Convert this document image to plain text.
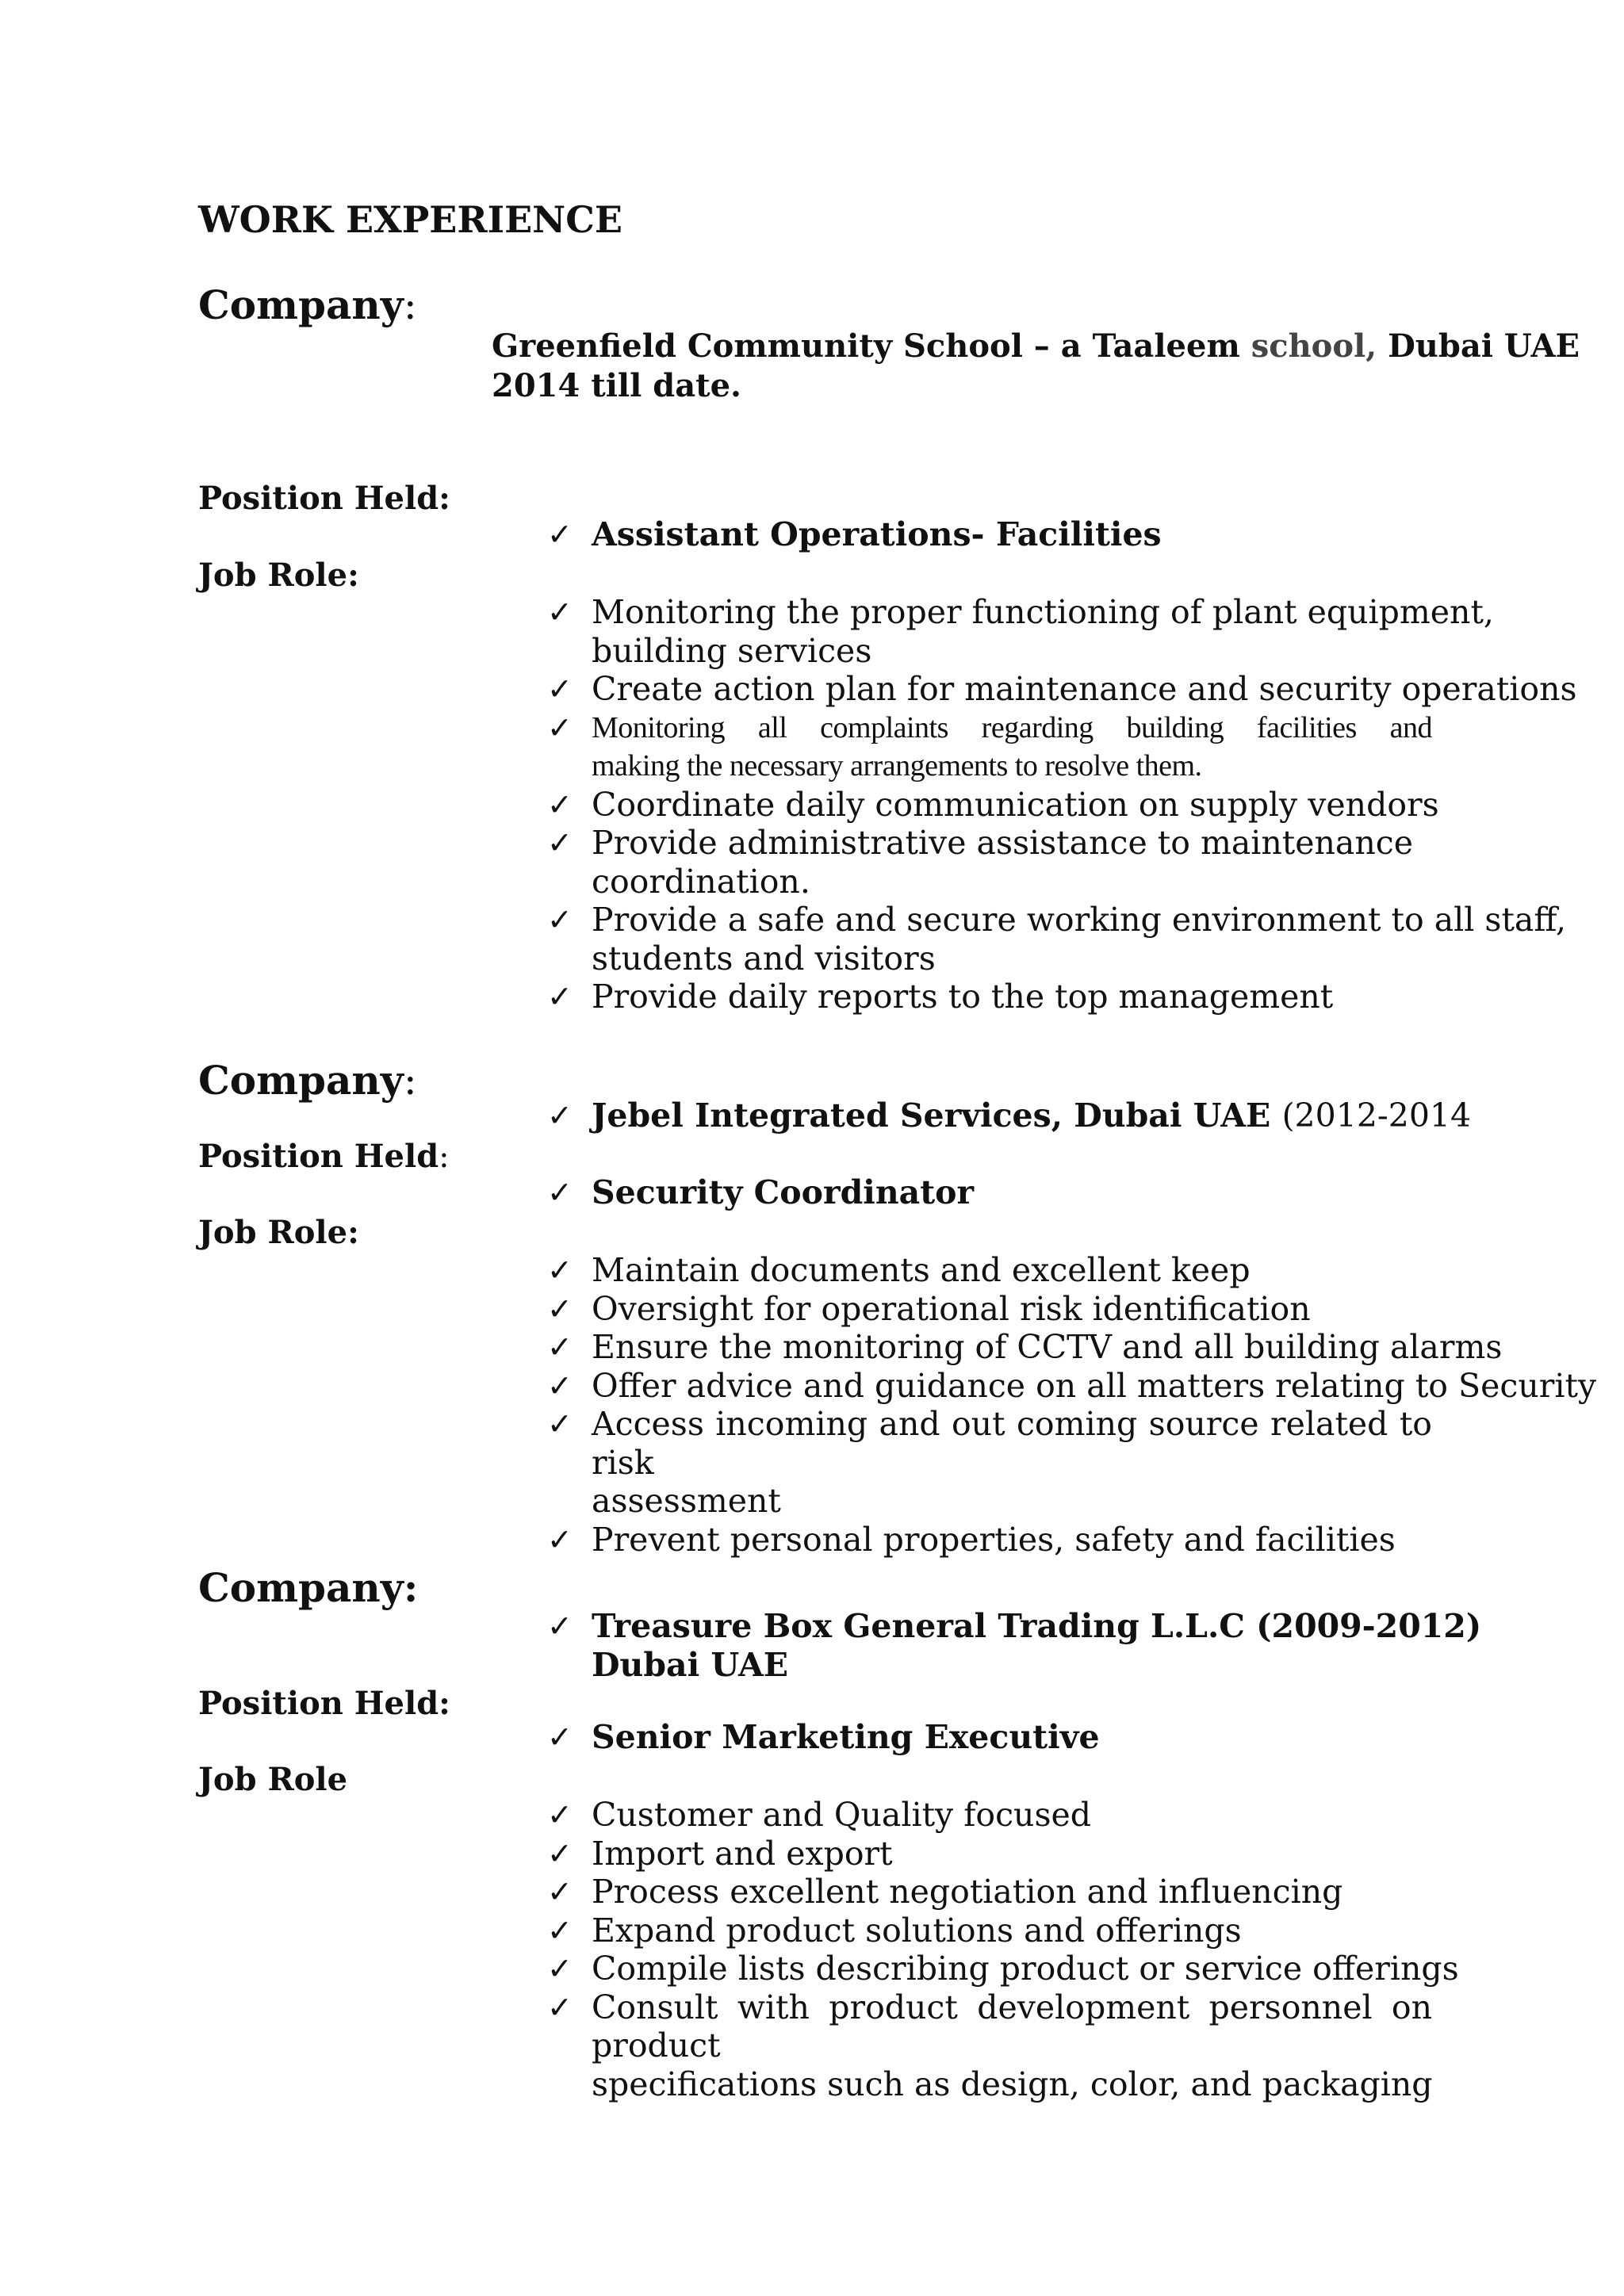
WORK EXPERIENCE
Company:
Greenfield Community School – a Taaleem school, Dubai UAE
2014 till date.
Position Held:
Job Role:
✓ Assistant Operations- Facilities
✓ Monitoring the proper functioning of plant equipment,
building services
✓ Create action plan for maintenance and security operations
✓ Monitoring all complaints regarding building facilities and
making the necessary arrangements to resolve them.
✓ Coordinate daily communication on supply vendors
✓ Provide administrative assistance to maintenance
coordination.
✓ Provide a safe and secure working environment to all staff,
students and visitors
✓ Provide daily reports to the top management
Company:
✓ Jebel Integrated Services, Dubai UAE (2012-2014
Position Held:
✓ Security Coordinator
Job Role:
✓ Maintain documents and excellent keep
✓ Oversight for operational risk identification
✓ Ensure the monitoring of CCTV and all building alarms
✓ Offer advice and guidance on all matters relating to Security
✓ Access incoming and out coming source related to risk
assessment
✓ Prevent personal properties, safety and facilities
Company:
✓ Treasure Box General Trading L.L.C (2009-2012)
Dubai UAE
Position Held:
✓ Senior Marketing Executive
Job Role
✓ Customer and Quality focused
✓ Import and export
✓ Process excellent negotiation and influencing
✓ Expand product solutions and offerings
✓ Compile lists describing product or service offerings
✓ Consult with product development personnel on product
specifications such as design, color, and packaging
